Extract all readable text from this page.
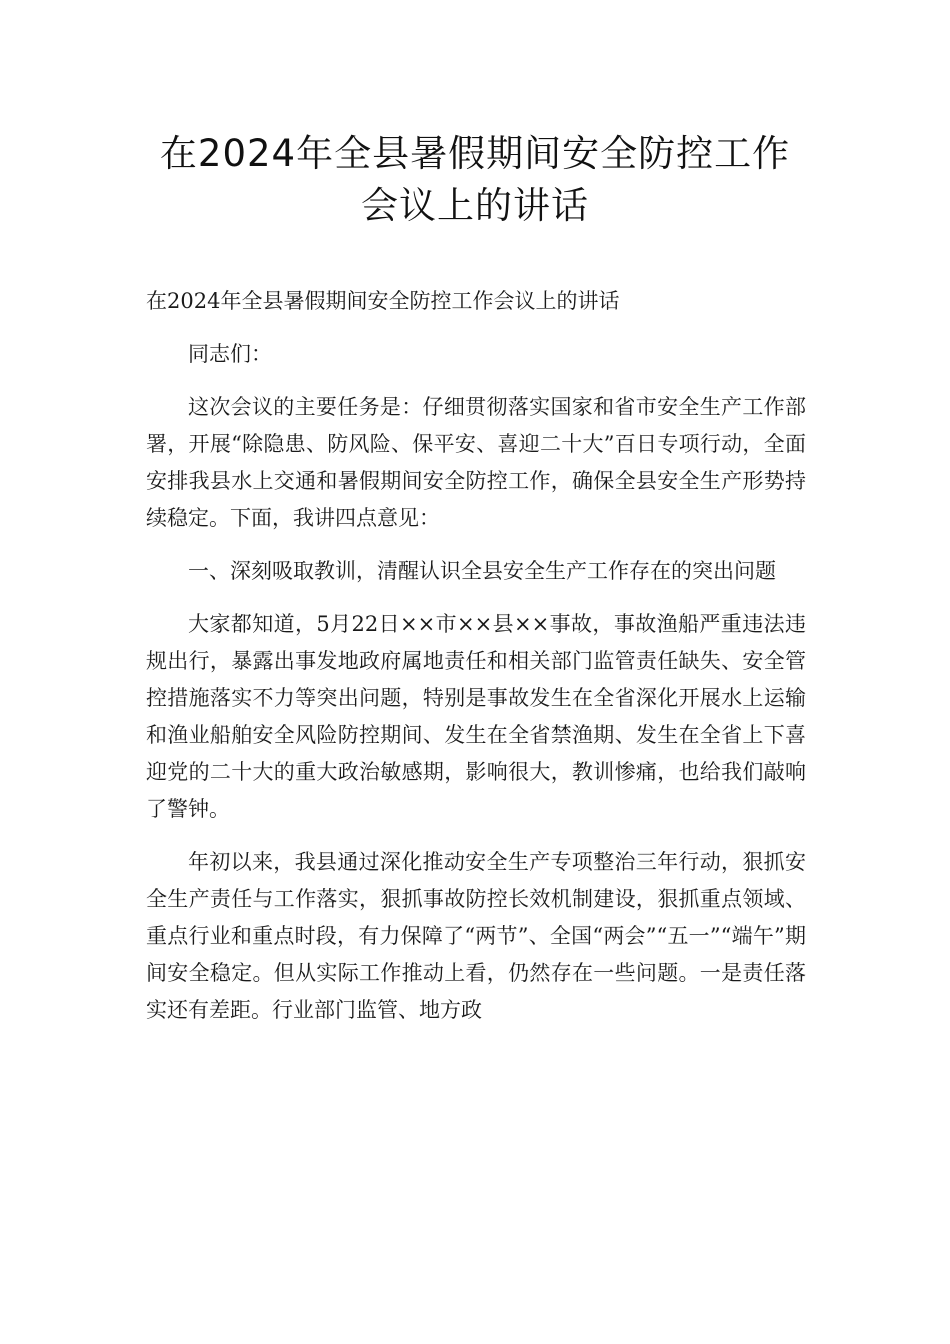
在2024年全县暑假期间安全防控工作
会议上的讲话

在2024年全县暑假期间安全防控工作会议上的讲话

同志们：

这次会议的主要任务是：仔细贯彻落实国家和省市安全生产工作部署，开展“除隐患、防风险、保平安、喜迎二十大”百日专项行动，全面安排我县水上交通和暑假期间安全防控工作，确保全县安全生产形势持续稳定。下面，我讲四点意见：

一、深刻吸取教训，清醒认识全县安全生产工作存在的突出问题

大家都知道，5月22日××市××县××事故，事故渔船严重违法违规出行，暴露出事发地政府属地责任和相关部门监管责任缺失、安全管控措施落实不力等突出问题，特别是事故发生在全省深化开展水上运输和渔业船舶安全风险防控期间、发生在全省禁渔期、发生在全省上下喜迎党的二十大的重大政治敏感期，影响很大，教训惨痛，也给我们敲响了警钟。

年初以来，我县通过深化推动安全生产专项整治三年行动，狠抓安全生产责任与工作落实，狠抓事故防控长效机制建设，狠抓重点领域、重点行业和重点时段，有力保障了“两节”、全国“两会”“五一”“端午”期间安全稳定。但从实际工作推动上看，仍然存在一些问题。一是责任落实还有差距。行业部门监管、地方政
